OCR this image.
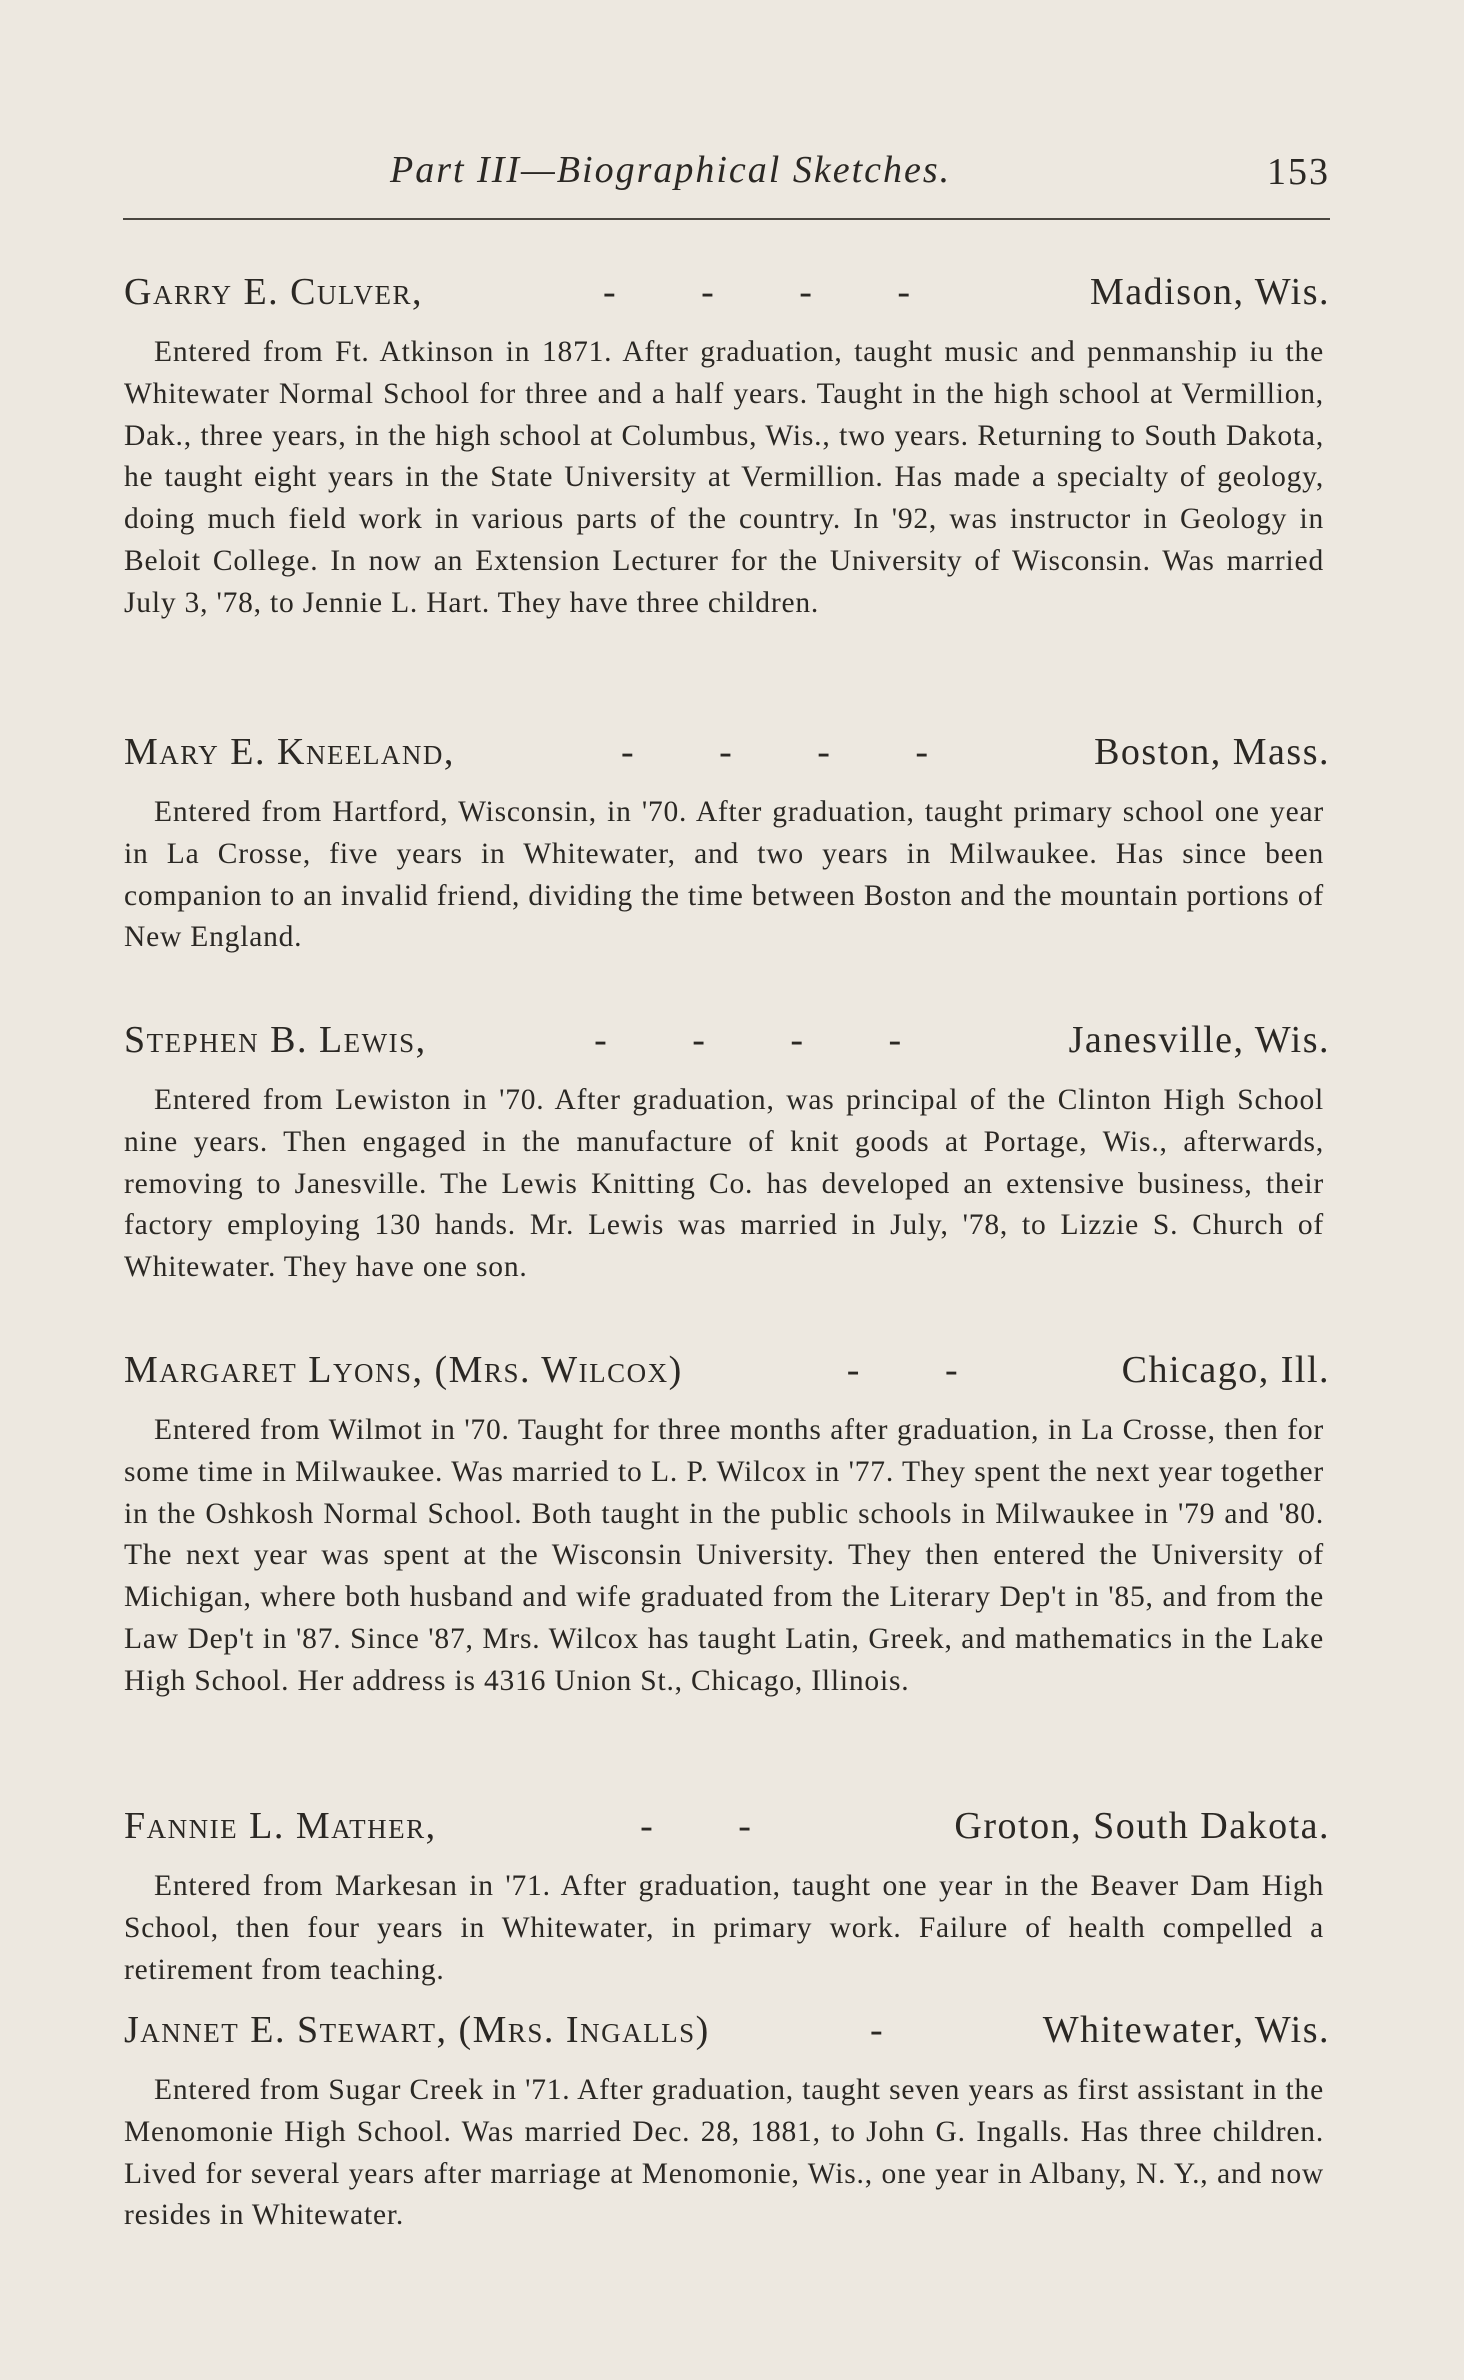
Part III—Biographical Sketches.	153
Garry E. Culver,	- - - -	Madison, Wis.
Entered from Ft. Atkinson in 1871. After graduation, taught music and penmanship iu the Whitewater Normal School for three and a half years. Taught in the high school at Vermillion, Dak., three years, in the high school at Columbus, Wis., two years. Returning to South Dakota, he taught eight years in the State University at Vermillion. Has made a specialty of geology, doing much field work in various parts of the country. In '92, was instructor in Geology in Beloit College. In now an Extension Lecturer for the University of Wisconsin. Was married July 3, '78, to Jennie L. Hart. They have three children.
Mary E. Kneeland,	- - - -	Boston, Mass.
Entered from Hartford, Wisconsin, in '70. After graduation, taught primary school one year in La Crosse, five years in Whitewater, and two years in Milwaukee. Has since been companion to an invalid friend, dividing the time between Boston and the mountain portions of New England.
Stephen B. Lewis,	- - - -	Janesville, Wis.
Entered from Lewiston in '70. After graduation, was principal of the Clinton High School nine years. Then engaged in the manufacture of knit goods at Portage, Wis., afterwards, removing to Janesville. The Lewis Knitting Co. has developed an extensive business, their factory employing 130 hands. Mr. Lewis was married in July, '78, to Lizzie S. Church of Whitewater. They have one son.
Margaret Lyons, (Mrs. Wilcox)	- -	Chicago, Ill.
Entered from Wilmot in '70. Taught for three months after graduation, in La Crosse, then for some time in Milwaukee. Was married to L. P. Wilcox in '77. They spent the next year together in the Oshkosh Normal School. Both taught in the public schools in Milwaukee in '79 and '80. The next year was spent at the Wisconsin University. They then entered the University of Michigan, where both husband and wife graduated from the Literary Dep't in '85, and from the Law Dep't in '87. Since '87, Mrs. Wilcox has taught Latin, Greek, and mathematics in the Lake High School. Her address is 4316 Union St., Chicago, Illinois.
Fannie L. Mather,	- -	Groton, South Dakota.
Entered from Markesan in '71. After graduation, taught one year in the Beaver Dam High School, then four years in Whitewater, in primary work. Failure of health compelled a retirement from teaching.
Jannet E. Stewart, (Mrs. Ingalls)	-	Whitewater, Wis.
Entered from Sugar Creek in '71. After graduation, taught seven years as first assistant in the Menomonie High School. Was married Dec. 28, 1881, to John G. Ingalls. Has three children. Lived for several years after marriage at Menomonie, Wis., one year in Albany, N. Y., and now resides in Whitewater.
